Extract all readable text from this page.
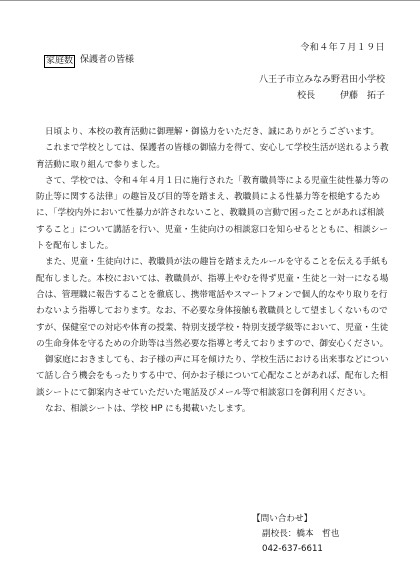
令和４年７月１９日
家庭数 保護者の皆様
八王子市立みなみ野君田小学校
校長	伊藤　拓子

日頃より、本校の教育活動に御理解・御協力をいただき、誠にありがとうございます。

これまで学校としては、保護者の皆様の御協力を得て、安心して学校生活が送れるよう教育活動に取り組んで参りました。

さて、学校では、令和４年４月１日に施行された「教育職員等による児童生徒性暴力等の防止等に関する法律」の趣旨及び目的等を踏まえ、教職員による性暴力等を根絶するために、「学校内外において性暴力が許されないこと、教職員の言動で困ったことがあれば相談すること」について講話を行い、児童・生徒向けの相談窓口を知らせるとともに、相談シートを配布しました。

また、児童・生徒向けに、教職員が法の趣旨を踏まえたルールを守ることを伝える手紙も配布しました。本校においては、教職員が、指導上やむを得ず児童・生徒と一対一になる場合は、管理職に報告することを徹底し、携帯電話やスマートフォンで個人的なやり取りを行わないよう指導しております。なお、不必要な身体接触も教職員として望ましくないものですが、保健室での対応や体育の授業、特別支援学校・特別支援学級等において、児童・生徒の生命身体を守るための介助等は当然必要な指導と考えておりますので、御安心ください。

御家庭におきましても、お子様の声に耳を傾けたり、学校生活における出来事などについて話し合う機会をもったりする中で、何かお子様について心配なことがあれば、配布した相談シートにて御案内させていただいた電話及びメール等で相談窓口を御利用ください。

なお、相談シートは、学校 HP にも掲載いたします。

【問い合わせ】
副校長：橋本　哲也
042-637-6611
